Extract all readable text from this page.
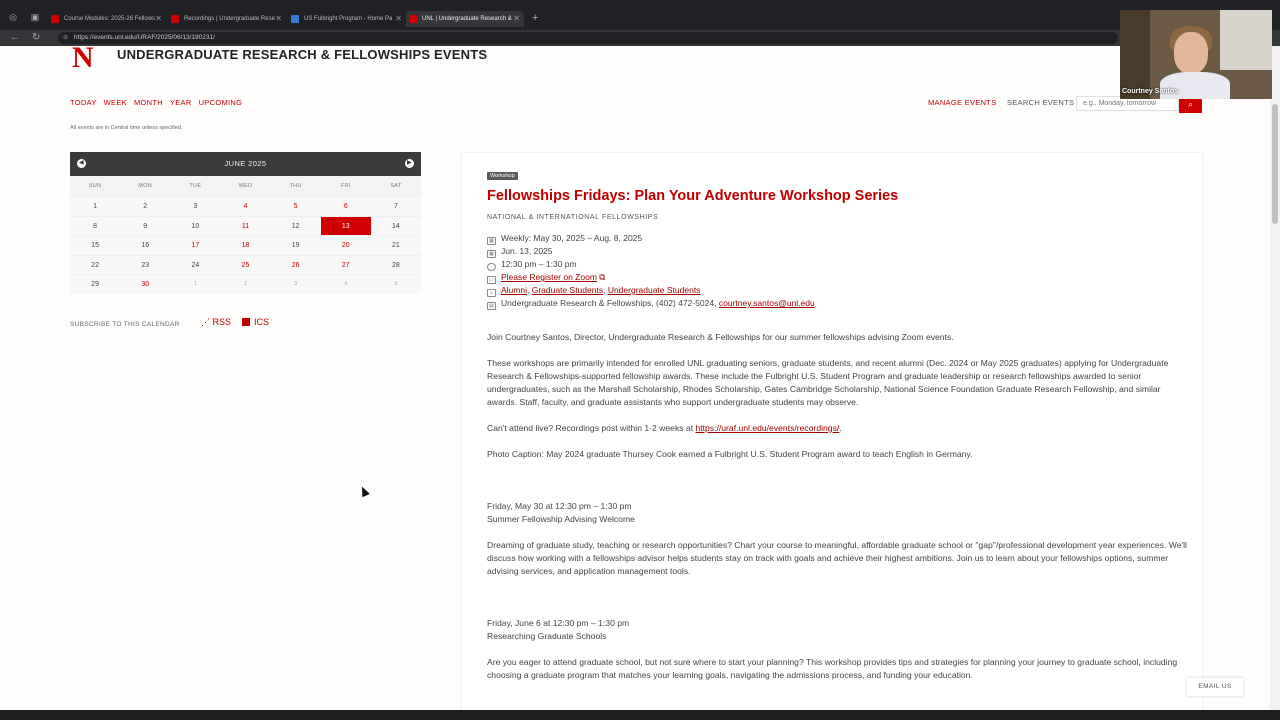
◎ ▣	Course Modules: 2025-26 Fellows ✕	Recordings | Undergraduate Rese ✕	US Fulbright Program - Home Pa ✕	UNL | Undergraduate Research & ✕ +
← ↻	⊜ https://events.unl.edu/URAF/2025/06/13/190231/
N	UNDERGRADUATE RESEARCH & FELLOWSHIPS EVENTS
TODAY WEEK MONTH YEAR UPCOMING	MANAGE EVENTS SEARCH EVENTS
e.g., Monday, tomorrow	⌕
All events are in Central time unless specified.
◀	JUNE 2025	▶
SUN	MON	TUE	WED	THU	FRI	SAT
1	2	3	4	5	6	7
8	9	10	11	12	13	14
15	16	17	18	19	20	21
22	23	24	25	26	27	28
29	30	1	2	3	4	5
SUBSCRIBE TO THIS CALENDAR ⋰ RSS	ICS
Workshop
Fellowships Fridays: Plan Your Adventure Workshop Series
NATIONAL & INTERNATIONAL FELLOWSHIPS
▦ Weekly: May 30, 2025 – Aug. 8, 2025
▦ Jun. 13, 2025
· 12:30 pm – 1:30 pm
▭ Please Register on Zoom ⧉
☺ Alumni, Graduate Students, Undergraduate Students
▤ Undergraduate Research & Fellowships, (402) 472-5024, courtney.santos@unl.edu
Join Courtney Santos, Director, Undergraduate Research & Fellowships for our summer fellowships advising Zoom events.
These workshops are primarily intended for enrolled UNL graduating seniors, graduate students, and recent alumni (Dec. 2024 or May 2025 graduates) applying for Undergraduate Research & Fellowships-supported fellowship awards. These include the Fulbright U.S. Student Program and graduate leadership or research fellowships awarded to senior undergraduates, such as the Marshall Scholarship, Rhodes Scholarship, Gates Cambridge Scholarship, National Science Foundation Graduate Research Fellowship, and similar awards. Staff, faculty, and graduate assistants who support undergraduate students may observe.
Can't attend live? Recordings post within 1-2 weeks at https://uraf.unl.edu/events/recordings/.
Photo Caption: May 2024 graduate Thursey Cook earned a Fulbright U.S. Student Program award to teach English in Germany.
Friday, May 30 at 12:30 pm – 1:30 pm
Summer Fellowship Advising Welcome
Dreaming of graduate study, teaching or research opportunities? Chart your course to meaningful, affordable graduate school or "gap"/professional development year experiences. We'll discuss how working with a fellowships advisor helps students stay on track with goals and achieve their highest ambitions. Join us to learn about your fellowships options, summer advising services, and application management tools.
Friday, June 6 at 12:30 pm – 1:30 pm
Researching Graduate Schools
Are you eager to attend graduate school, but not sure where to start your planning? This workshop provides tips and strategies for planning your journey to graduate school, including choosing a graduate program that matches your learning goals, navigating the admissions process, and funding your education.
EMAIL US
Courtney Santos
